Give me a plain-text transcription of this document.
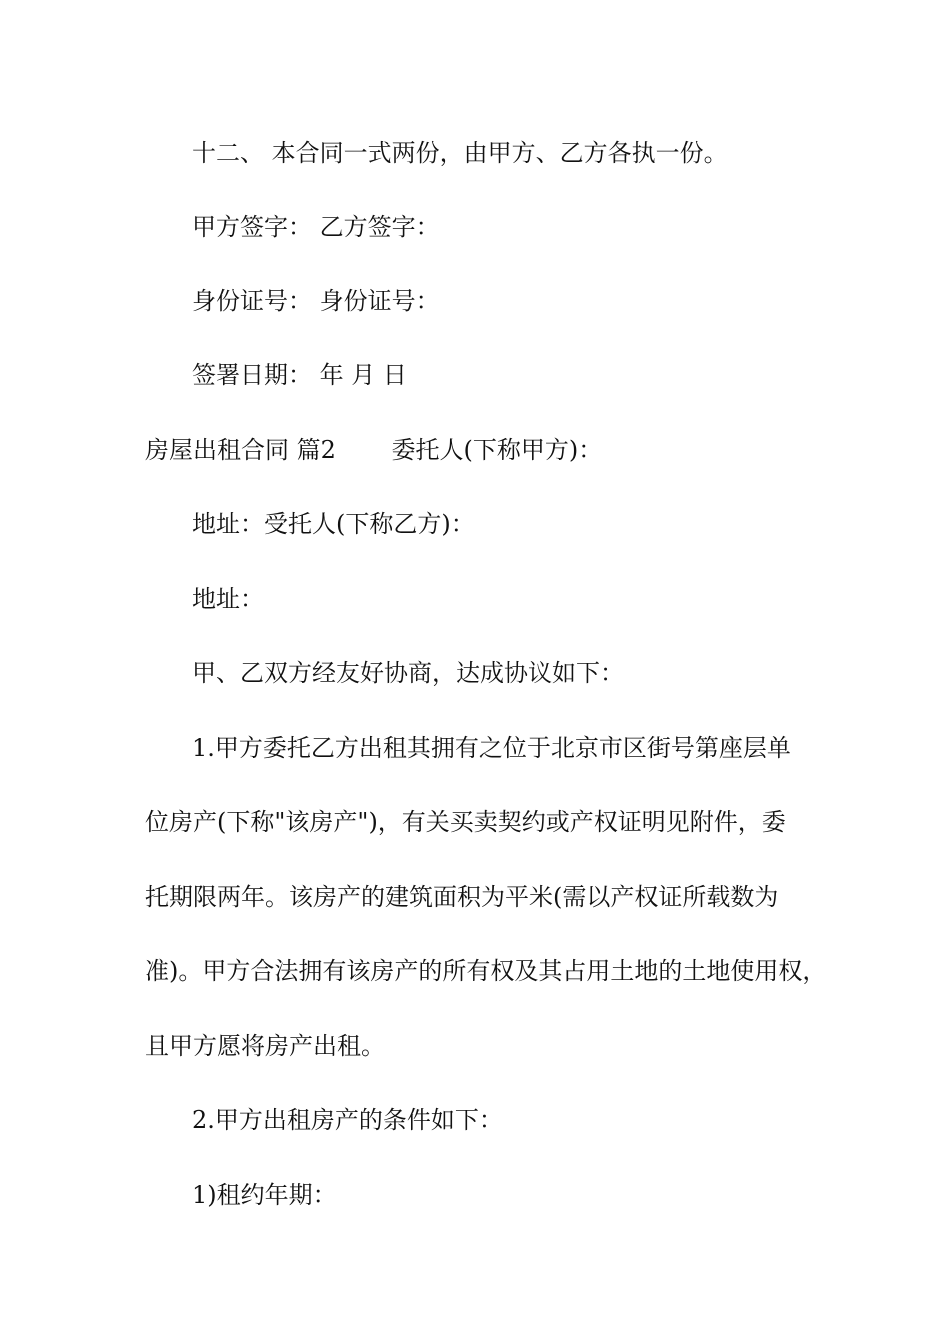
十二、 本合同一式两份，由甲方、乙方各执一份。
甲方签字： 乙方签字：
身份证号： 身份证号：
签署日期： 年 月 日
房屋出租合同 篇2　　 委托人(下称甲方)：
地址：受托人(下称乙方)：
地址：
甲、乙双方经友好协商，达成协议如下：
1.甲方委托乙方出租其拥有之位于北京市区街号第座层单
位房产(下称"该房产")，有关买卖契约或产权证明见附件，委
托期限两年。该房产的建筑面积为平米(需以产权证所载数为
准)。甲方合法拥有该房产的所有权及其占用土地的土地使用权，
且甲方愿将房产出租。
2.甲方出租房产的条件如下：
1)租约年期：
